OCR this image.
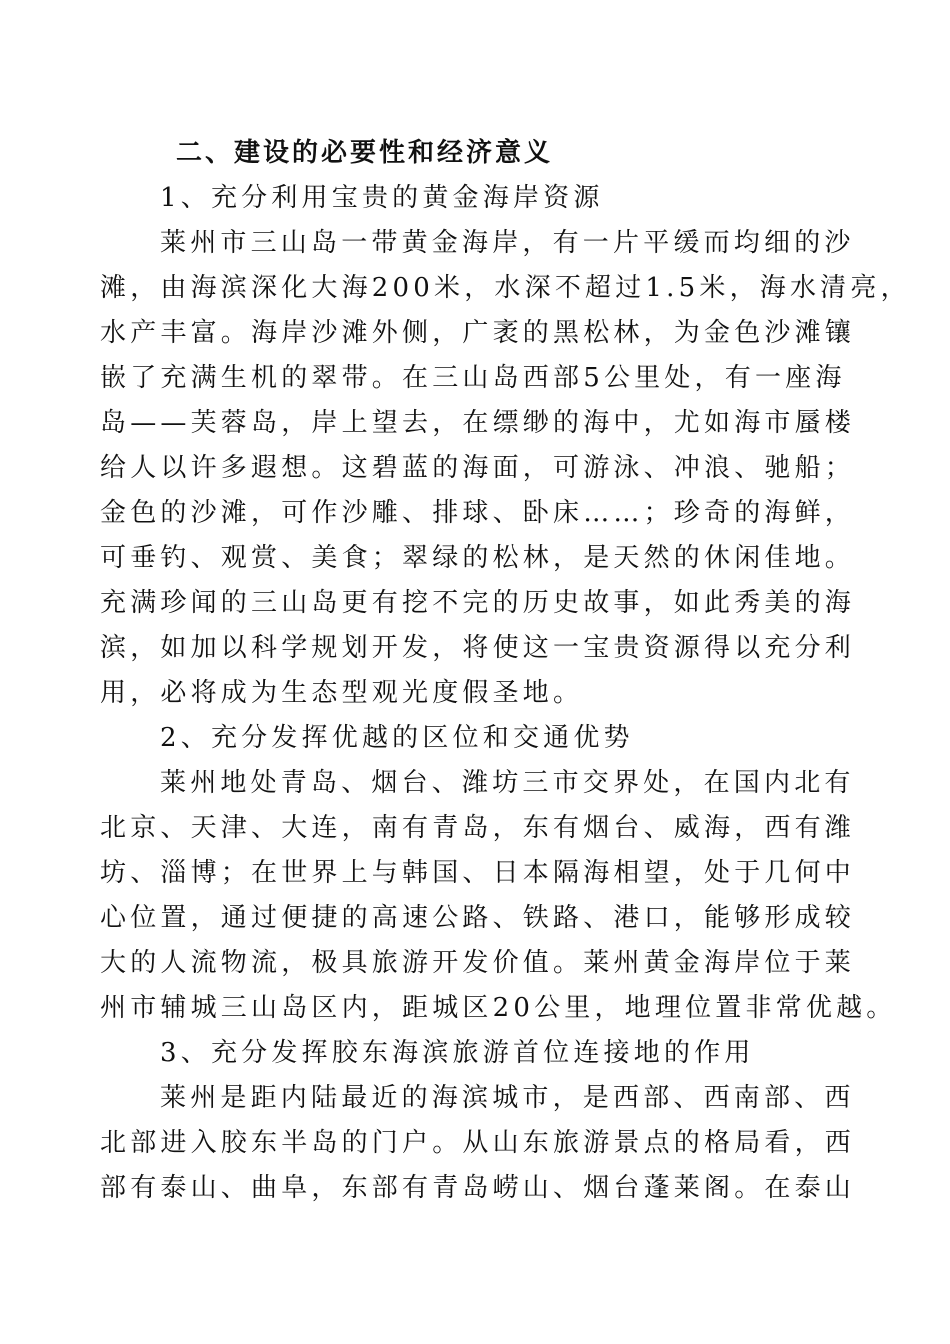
二、建设的必要性和经济意义
1、充分利用宝贵的黄金海岸资源
莱州市三山岛一带黄金海岸，有一片平缓而均细的沙
滩，由海滨深化大海200米，水深不超过1.5米，海水清亮，
水产丰富。海岸沙滩外侧，广袤的黑松林，为金色沙滩镶
嵌了充满生机的翠带。在三山岛西部5公里处，有一座海
岛——芙蓉岛，岸上望去，在缥缈的海中，尤如海市蜃楼
给人以许多遐想。这碧蓝的海面，可游泳、冲浪、驰船；
金色的沙滩，可作沙雕、排球、卧床……；珍奇的海鲜，
可垂钓、观赏、美食；翠绿的松林，是天然的休闲佳地。
充满珍闻的三山岛更有挖不完的历史故事，如此秀美的海
滨，如加以科学规划开发，将使这一宝贵资源得以充分利
用，必将成为生态型观光度假圣地。
2、充分发挥优越的区位和交通优势
莱州地处青岛、烟台、潍坊三市交界处，在国内北有
北京、天津、大连，南有青岛，东有烟台、威海，西有潍
坊、淄博；在世界上与韩国、日本隔海相望，处于几何中
心位置，通过便捷的高速公路、铁路、港口，能够形成较
大的人流物流，极具旅游开发价值。莱州黄金海岸位于莱
州市辅城三山岛区内，距城区20公里，地理位置非常优越。
3、充分发挥胶东海滨旅游首位连接地的作用
莱州是距内陆最近的海滨城市，是西部、西南部、西
北部进入胶东半岛的门户。从山东旅游景点的格局看，西
部有泰山、曲阜，东部有青岛崂山、烟台蓬莱阁。在泰山
